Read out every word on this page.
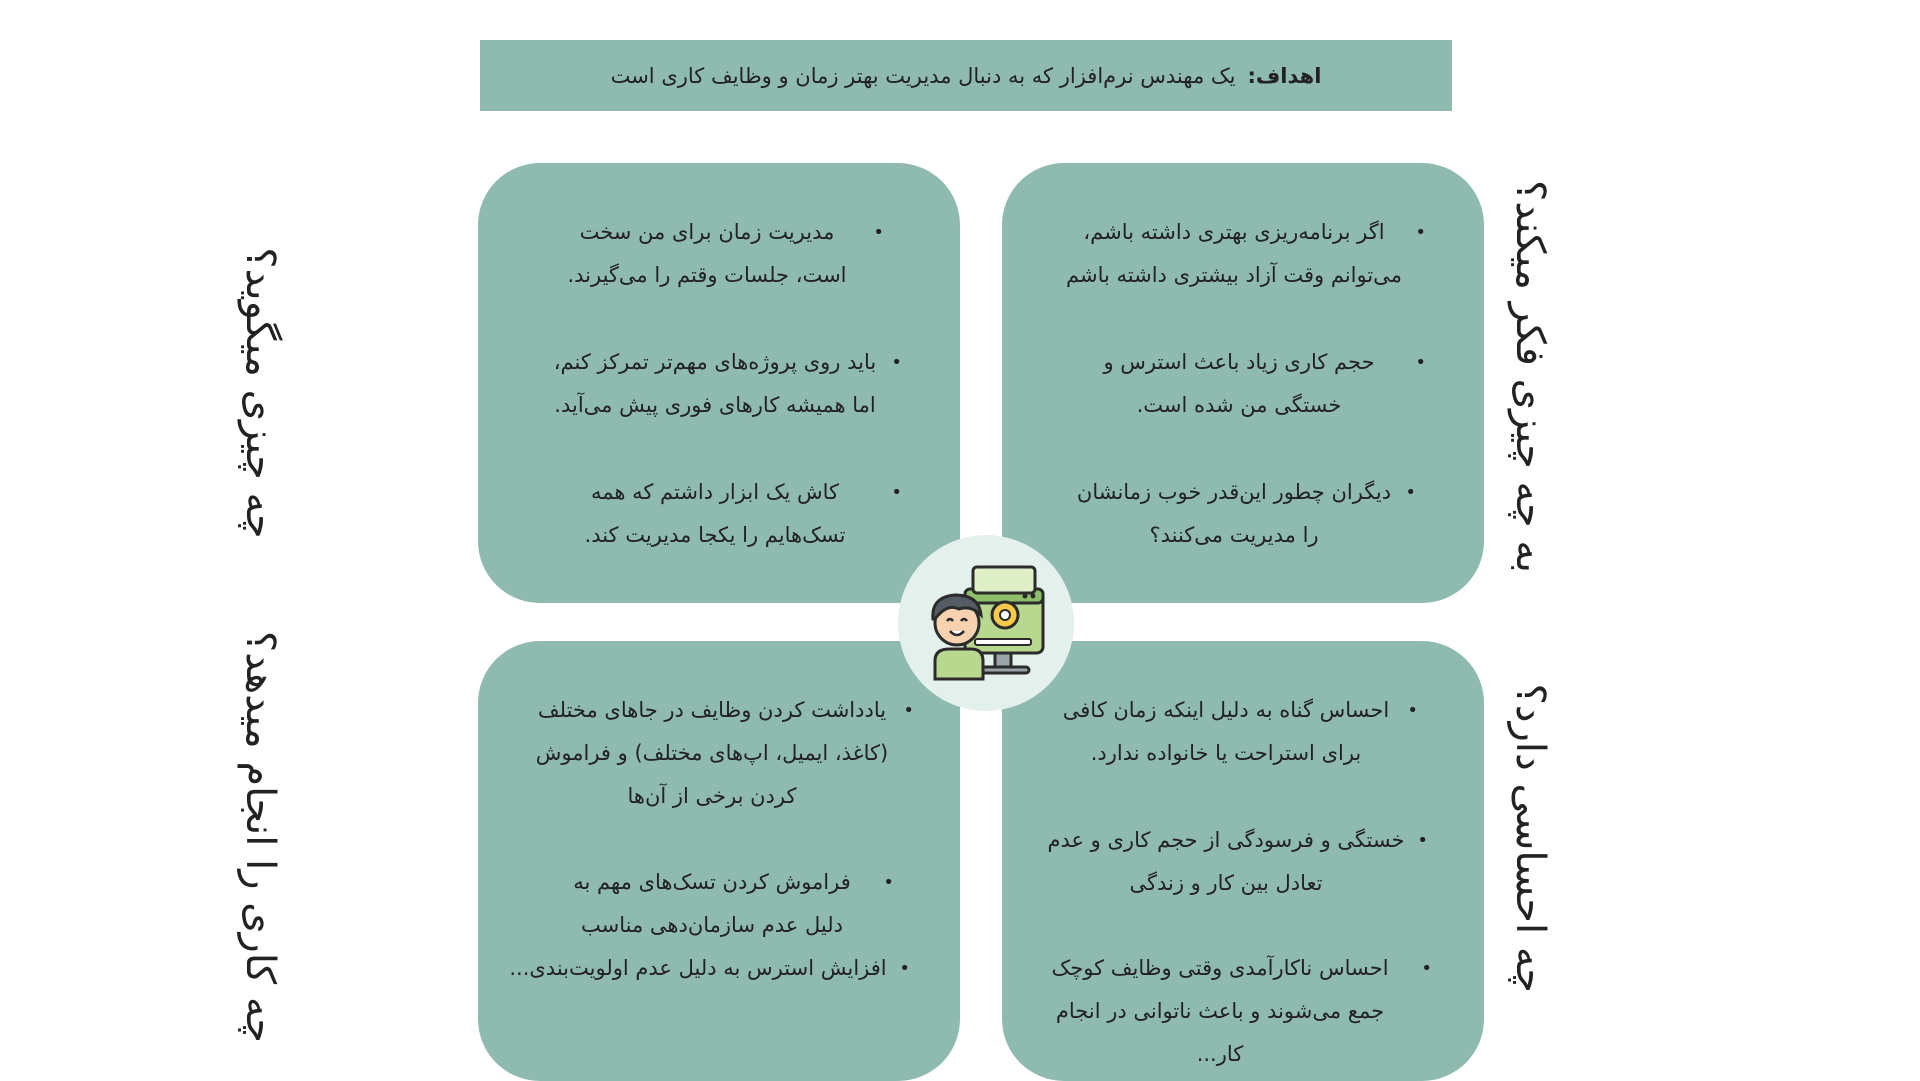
اهداف:
یک مهندس نرم‌افزار که به دنبال مدیریت بهتر زمان و وظایف کاری است
•
مدیریت زمان برای من سخت است، جلسات وقتم را می‌گیرند.
•
باید روی پروژه‌های مهم‌تر تمرکز کنم، اما همیشه کارهای فوری پیش می‌آید.
•
کاش یک ابزار داشتم که همه تسک‌هایم را یکجا مدیریت کند.
•
اگر برنامه‌ریزی بهتری داشته باشم، می‌توانم وقت آزاد بیشتری داشته باشم
•
حجم کاری زیاد باعث استرس و خستگی من شده است.
•
دیگران چطور این‌قدر خوب زمانشان را مدیریت می‌کنند؟
•
یادداشت کردن وظایف در جاهای مختلف (کاغذ، ایمیل، اپ‌های مختلف) و فراموش کردن برخی از آن‌ها
•
فراموش کردن تسک‌های مهم به دلیل عدم سازمان‌دهی مناسب
•
افزایش استرس به دلیل عدم اولویت‌بندی...
•
احساس گناه به دلیل اینکه زمان کافی برای استراحت یا خانواده ندارد.
•
خستگی و فرسودگی از حجم کاری و عدم تعادل بین کار و زندگی
•
احساس ناکارآمدی وقتی وظایف کوچک جمع می‌شوند و باعث ناتوانی در انجام کار...
چه چیزی میگوید؟
چه کاری را انجام میدهد؟
به چه چیزی فکر میکند؟
چه احساسی دارد؟
